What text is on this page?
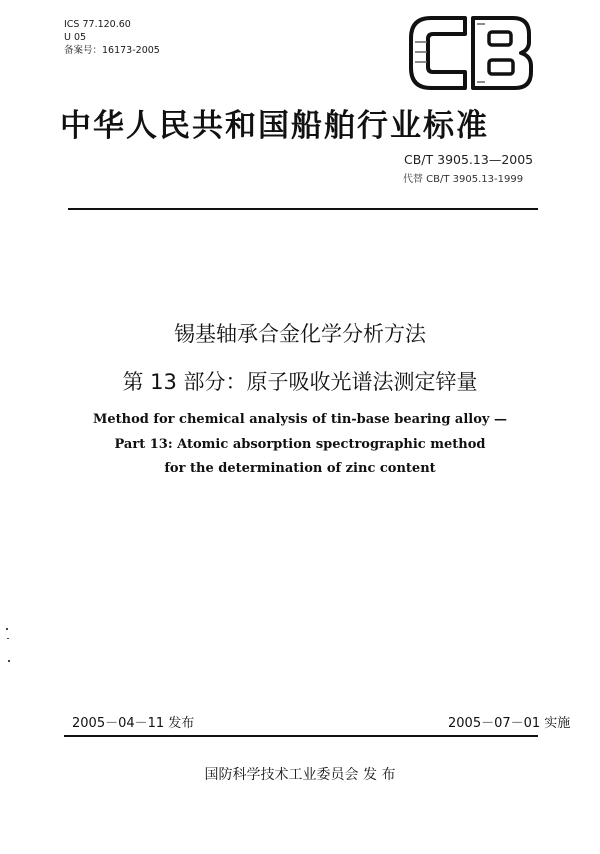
ICS 77.120.60
U 05
备案号：16173-2005
中华人民共和国船舶行业标准
CB/T 3905.13—2005
代替 CB/T 3905.13-1999
锡基轴承合金化学分析方法
第 13 部分：原子吸收光谱法测定锌量
Method for chemical analysis of tin-base bearing alloy —
Part 13: Atomic absorption spectrographic method
for the determination of zinc content
2005－04－11 发布	2005－07－01 实施
国防科学技术工业委员会 发 布
